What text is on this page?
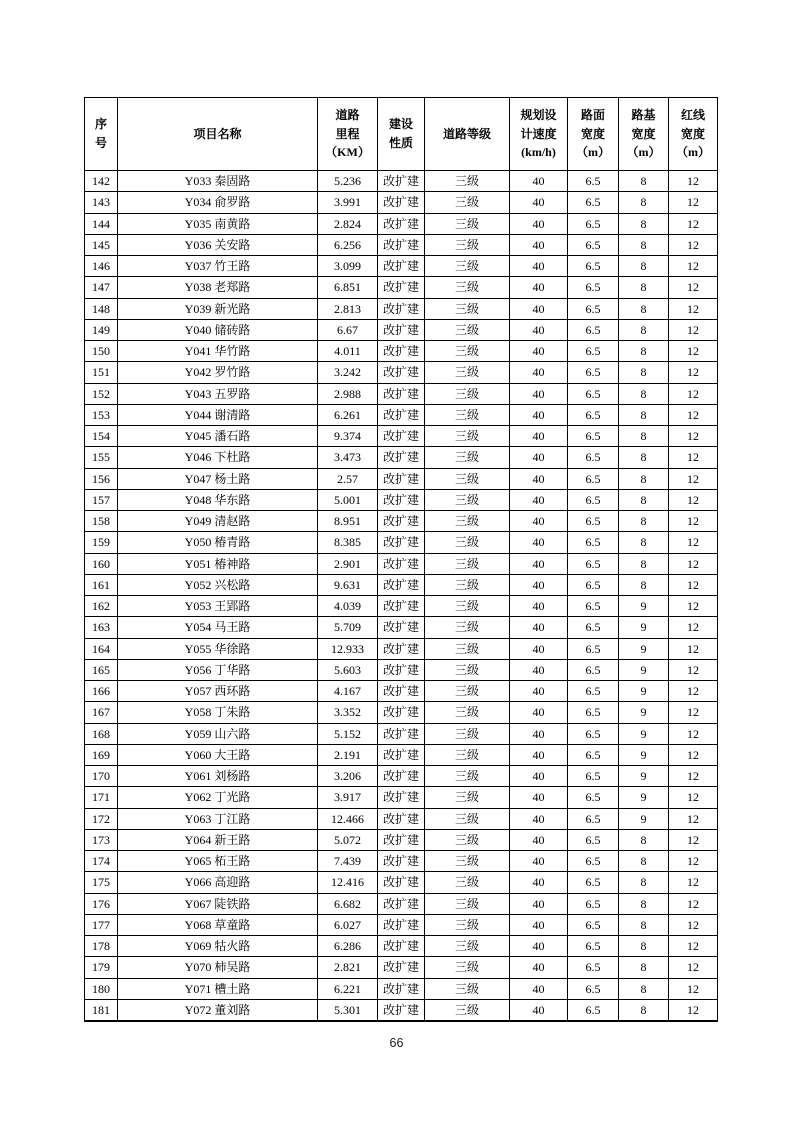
序
号	项目名称	道路
里程
（KM）	建设
性质	道路等级	规划设
计速度
(km/h)	路面
宽度
（m）	路基
宽度
（m）	红线
宽度
（m）
142	Y033 秦固路	5.236	改扩建	三级	40	6.5	8	12
143	Y034 俞罗路	3.991	改扩建	三级	40	6.5	8	12
144	Y035 南黄路	2.824	改扩建	三级	40	6.5	8	12
145	Y036 关安路	6.256	改扩建	三级	40	6.5	8	12
146	Y037 竹王路	3.099	改扩建	三级	40	6.5	8	12
147	Y038 老郑路	6.851	改扩建	三级	40	6.5	8	12
148	Y039 新光路	2.813	改扩建	三级	40	6.5	8	12
149	Y040 储砖路	6.67	改扩建	三级	40	6.5	8	12
150	Y041 华竹路	4.011	改扩建	三级	40	6.5	8	12
151	Y042 罗竹路	3.242	改扩建	三级	40	6.5	8	12
152	Y043 五罗路	2.988	改扩建	三级	40	6.5	8	12
153	Y044 谢清路	6.261	改扩建	三级	40	6.5	8	12
154	Y045 潘石路	9.374	改扩建	三级	40	6.5	8	12
155	Y046 下杜路	3.473	改扩建	三级	40	6.5	8	12
156	Y047 杨土路	2.57	改扩建	三级	40	6.5	8	12
157	Y048 华东路	5.001	改扩建	三级	40	6.5	8	12
158	Y049 清赵路	8.951	改扩建	三级	40	6.5	8	12
159	Y050 椿青路	8.385	改扩建	三级	40	6.5	8	12
160	Y051 椿神路	2.901	改扩建	三级	40	6.5	8	12
161	Y052 兴松路	9.631	改扩建	三级	40	6.5	8	12
162	Y053 王郢路	4.039	改扩建	三级	40	6.5	9	12
163	Y054 马王路	5.709	改扩建	三级	40	6.5	9	12
164	Y055 华徐路	12.933	改扩建	三级	40	6.5	9	12
165	Y056 丁华路	5.603	改扩建	三级	40	6.5	9	12
166	Y057 西环路	4.167	改扩建	三级	40	6.5	9	12
167	Y058 丁朱路	3.352	改扩建	三级	40	6.5	9	12
168	Y059 山六路	5.152	改扩建	三级	40	6.5	9	12
169	Y060 大王路	2.191	改扩建	三级	40	6.5	9	12
170	Y061 刘杨路	3.206	改扩建	三级	40	6.5	9	12
171	Y062 丁光路	3.917	改扩建	三级	40	6.5	9	12
172	Y063 丁江路	12.466	改扩建	三级	40	6.5	9	12
173	Y064 新王路	5.072	改扩建	三级	40	6.5	8	12
174	Y065 柘王路	7.439	改扩建	三级	40	6.5	8	12
175	Y066 高迎路	12.416	改扩建	三级	40	6.5	8	12
176	Y067 陡铁路	6.682	改扩建	三级	40	6.5	8	12
177	Y068 草童路	6.027	改扩建	三级	40	6.5	8	12
178	Y069 牯火路	6.286	改扩建	三级	40	6.5	8	12
179	Y070 柿吴路	2.821	改扩建	三级	40	6.5	8	12
180	Y071 槽土路	6.221	改扩建	三级	40	6.5	8	12
181	Y072 董刘路	5.301	改扩建	三级	40	6.5	8	12
66
